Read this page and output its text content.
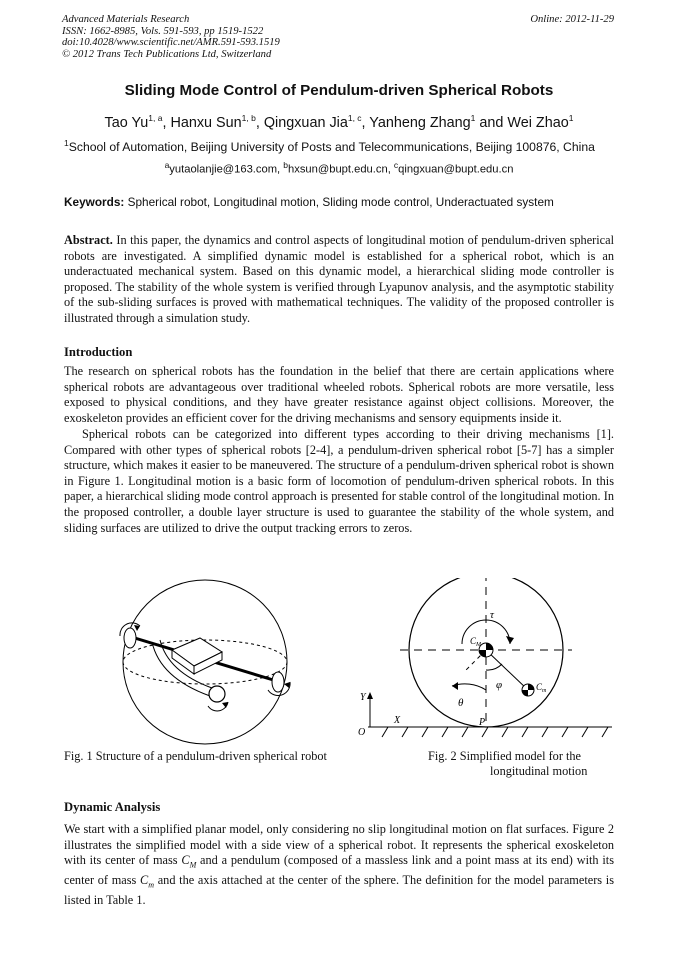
Advanced Materials Research
ISSN: 1662-8985, Vols. 591-593, pp 1519-1522
doi:10.4028/www.scientific.net/AMR.591-593.1519
© 2012 Trans Tech Publications Ltd, Switzerland
Online: 2012-11-29
Sliding Mode Control of Pendulum-driven Spherical Robots
Tao Yu$^{1, a}$, Hanxu Sun$^{1, b}$, Qingxuan Jia$^{1, c}$, Yanheng Zhang$^1$ and Wei Zhao$^1$
$^1$School of Automation, Beijing University of Posts and Telecommunications, Beijing 100876, China
$^a$yutaolanjie@163.com, $^b$hxsun@bupt.edu.cn, $^c$qingxuan@bupt.edu.cn
Keywords: Spherical robot, Longitudinal motion, Sliding mode control, Underactuated system
Abstract. In this paper, the dynamics and control aspects of longitudinal motion of pendulum-driven spherical robots are investigated. A simplified dynamic model is established for a spherical robot, which is an underactuated mechanical system. Based on this dynamic model, a hierarchical sliding mode controller is proposed. The stability of the whole system is verified through Lyapunov analysis, and the asymptotic stability of the sub-sliding surfaces is proved with mathematical techniques. The validity of the proposed controller is illustrated through a simulation study.
Introduction
The research on spherical robots has the foundation in the belief that there are certain applications where spherical robots are advantageous over traditional wheeled robots. Spherical robots are more versatile, less exposed to physical conditions, and they have greater resistance against object collisions. Moreover, the exoskeleton provides an efficient cover for the driving mechanisms and sensory equipments inside it.
Spherical robots can be categorized into different types according to their driving mechanisms [1]. Compared with other types of spherical robots [2-4], a pendulum-driven spherical robot [5-7] has a simpler structure, which makes it easier to be maneuvered. The structure of a pendulum-driven spherical robot is shown in Figure 1. Longitudinal motion is a basic form of locomotion of pendulum-driven spherical robots. In this paper, a hierarchical sliding mode control approach is presented for stable control of the longitudinal motion. In the proposed controller, a double layer structure is used to guarantee the stability of the whole system, and sliding surfaces are utilized to drive the output tracking errors to zeros.
τ
$C_M$
$C_m$
φ
θ
P
Y
X
O
Fig. 1 Structure of a pendulum-driven spherical robot	Fig. 2 Simplified model for the
longitudinal motion
Dynamic Analysis
We start with a simplified planar model, only considering no slip longitudinal motion on flat surfaces. Figure 2 illustrates the simplified model with a side view of a spherical robot. It represents the spherical exoskeleton with its center of mass $C_M$ and a pendulum (composed of a massless link and a point mass at its end) with its center of mass $C_m$ and the axis attached at the center of the sphere. The definition for the model parameters is listed in Table 1.
